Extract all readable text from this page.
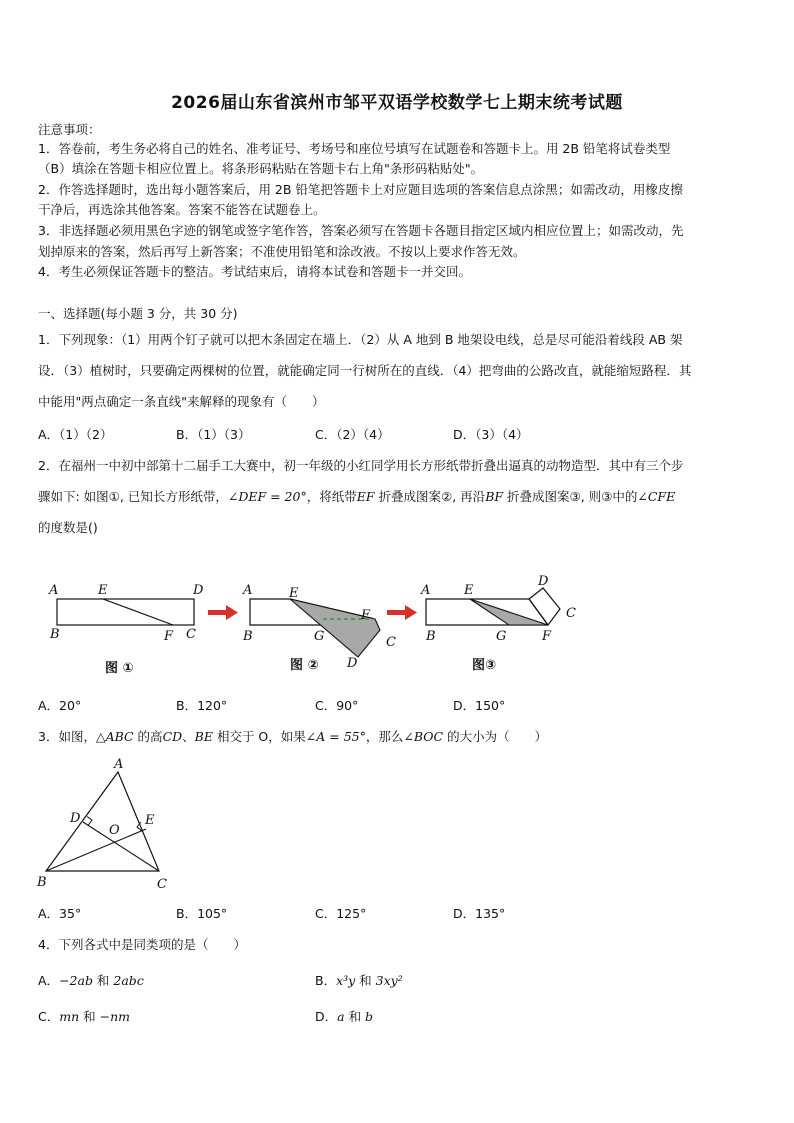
2026届山东省滨州市邹平双语学校数学七上期末统考试题
注意事项：
1．答卷前，考生务必将自己的姓名、准考证号、考场号和座位号填写在试题卷和答题卡上。用 2B 铅笔将试卷类型
（B）填涂在答题卡相应位置上。将条形码粘贴在答题卡右上角"条形码粘贴处"。
2．作答选择题时，选出每小题答案后，用 2B 铅笔把答题卡上对应题目选项的答案信息点涂黑；如需改动，用橡皮擦
干净后，再选涂其他答案。答案不能答在试题卷上。
3．非选择题必须用黑色字迹的钢笔或签字笔作答，答案必须写在答题卡各题目指定区域内相应位置上；如需改动，先
划掉原来的答案，然后再写上新答案；不准使用铅笔和涂改液。不按以上要求作答无效。
4．考生必须保证答题卡的整洁。考试结束后，请将本试卷和答题卡一并交回。
一、选择题(每小题 3 分，共 30 分)
1．下列现象：（1）用两个钉子就可以把木条固定在墙上．（2）从 A 地到 B 地架设电线，总是尽可能沿着线段 AB 架
设．（3）植树时，只要确定两棵树的位置，就能确定同一行树所在的直线．（4）把弯曲的公路改直，就能缩短路程．其
中能用"两点确定一条直线"来解释的现象有（　　）
A．（1）（2）	B．（1）（3）	C．（2）（4）	D．（3）（4）
2．在福州一中初中部第十二届手工大赛中，初一年级的小红同学用长方形纸带折叠出逼真的动物造型．其中有三个步
骤如下: 如图①, 已知长方形纸带，∠DEF = 20°，将纸带EF 折叠成图案②, 再沿BF 折叠成图案③, 则③中的∠CFE
的度数是()
A	E	D
B	F C
图 ①
A	E
F
B	G	C
D
图 ②
A	E
D
C
B	G	F
图③
A．20°	B．120°	C．90°	D．150°
3．如图，△ABC 的高CD、BE 相交于 O，如果∠A = 55°，那么∠BOC 的大小为（　　）
A
D
O
E
B	C
A．35°	B．105°	C．125°	D．135°
4．下列各式中是同类项的是（　　）
A．−2ab 和 2abc	B．x³y 和 3xy²
C．mn 和 −nm	D．a 和 b
